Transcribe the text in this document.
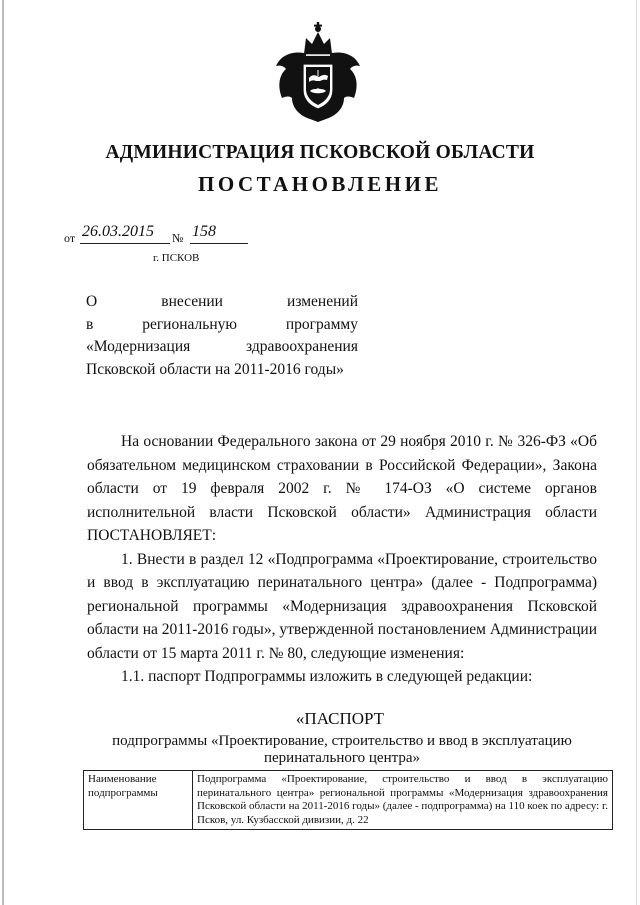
АДМИНИСТРАЦИЯ ПСКОВСКОЙ ОБЛАСТИ
ПОСТАНОВЛЕНИЕ
от 26.03.2015	№ 158
г. ПСКОВ
О внесении изменений
в региональную программу
«Модернизация здравоохранения
Псковской области на 2011-2016 годы»

На основании Федерального закона от 29 ноября 2010 г. № 326-ФЗ «Об обязательном медицинском страховании в Российской Федерации», Закона области от 19 февраля 2002 г. № 174-ОЗ «О системе органов исполнительной власти Псковской области» Администрация области ПОСТАНОВЛЯЕТ:

1. Внести в раздел 12 «Подпрограмма «Проектирование, строительство и ввод в эксплуатацию перинатального центра» (далее - Подпрограмма) региональной программы «Модернизация здравоохранения Псковской области на 2011-2016 годы», утвержденной постановлением Администрации области от 15 марта 2011 г. № 80, следующие изменения:

1.1. паспорт Подпрограммы изложить в следующей редакции:

«ПАСПОРТ
подпрограммы «Проектирование, строительство и ввод в эксплуатацию перинатального центра»
Наименование подпрограммы	Подпрограмма «Проектирование, строительство и ввод в эксплуатацию перинатального центра» региональной программы «Модернизация здравоохранения Псковской области на 2011-2016 годы» (далее - подпрограмма) на 110 коек по адресу: г. Псков, ул. Кузбасской дивизии, д. 22
